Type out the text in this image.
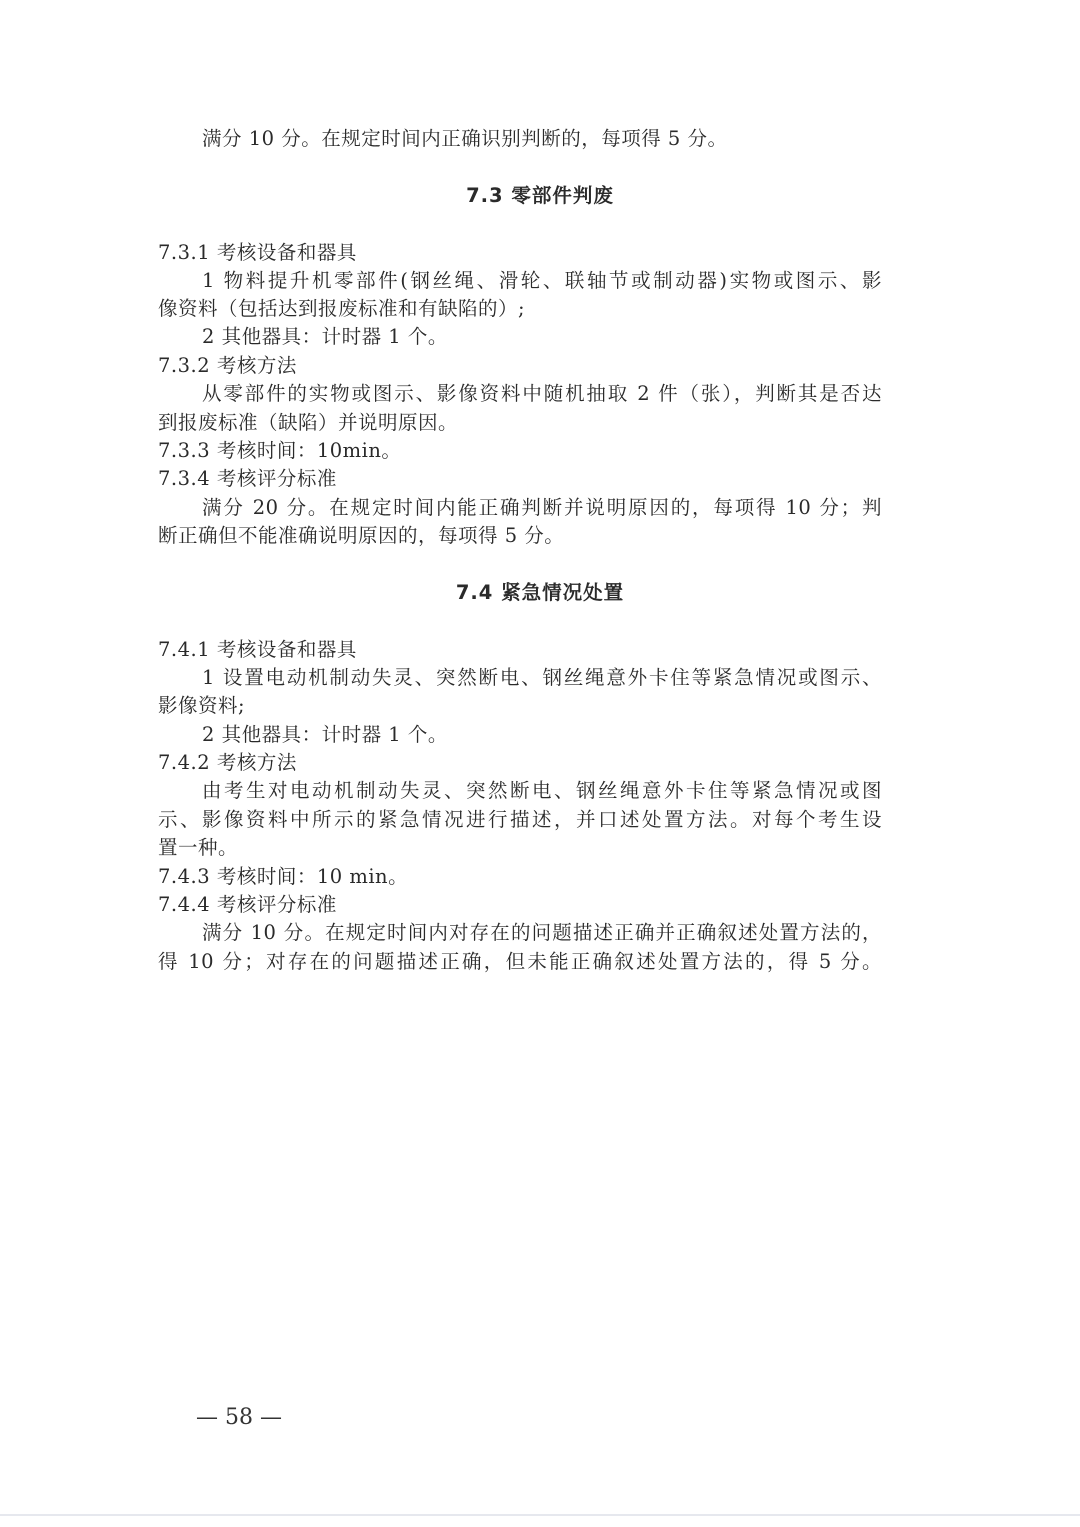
满分 10 分。在规定时间内正确识别判断的，每项得 5 分。
7.3 零部件判废
7.3.1 考核设备和器具
1 物料提升机零部件(钢丝绳、滑轮、联轴节或制动器)实物或图示、影
像资料（包括达到报废标准和有缺陷的）;
2 其他器具：计时器 1 个。
7.3.2 考核方法
从零部件的实物或图示、影像资料中随机抽取 2 件（张），判断其是否达
到报废标准（缺陷）并说明原因。
7.3.3 考核时间：10min。
7.3.4 考核评分标准
满分 20 分。在规定时间内能正确判断并说明原因的，每项得 10 分；判
断正确但不能准确说明原因的，每项得 5 分。
7.4 紧急情况处置
7.4.1 考核设备和器具
1 设置电动机制动失灵、突然断电、钢丝绳意外卡住等紧急情况或图示、
影像资料;
2 其他器具：计时器 1 个。
7.4.2 考核方法
由考生对电动机制动失灵、突然断电、钢丝绳意外卡住等紧急情况或图
示、影像资料中所示的紧急情况进行描述，并口述处置方法。对每个考生设
置一种。
7.4.3 考核时间：10 min。
7.4.4 考核评分标准
满分 10 分。在规定时间内对存在的问题描述正确并正确叙述处置方法的，
得 10 分；对存在的问题描述正确，但未能正确叙述处置方法的，得 5 分。
— 58 —
